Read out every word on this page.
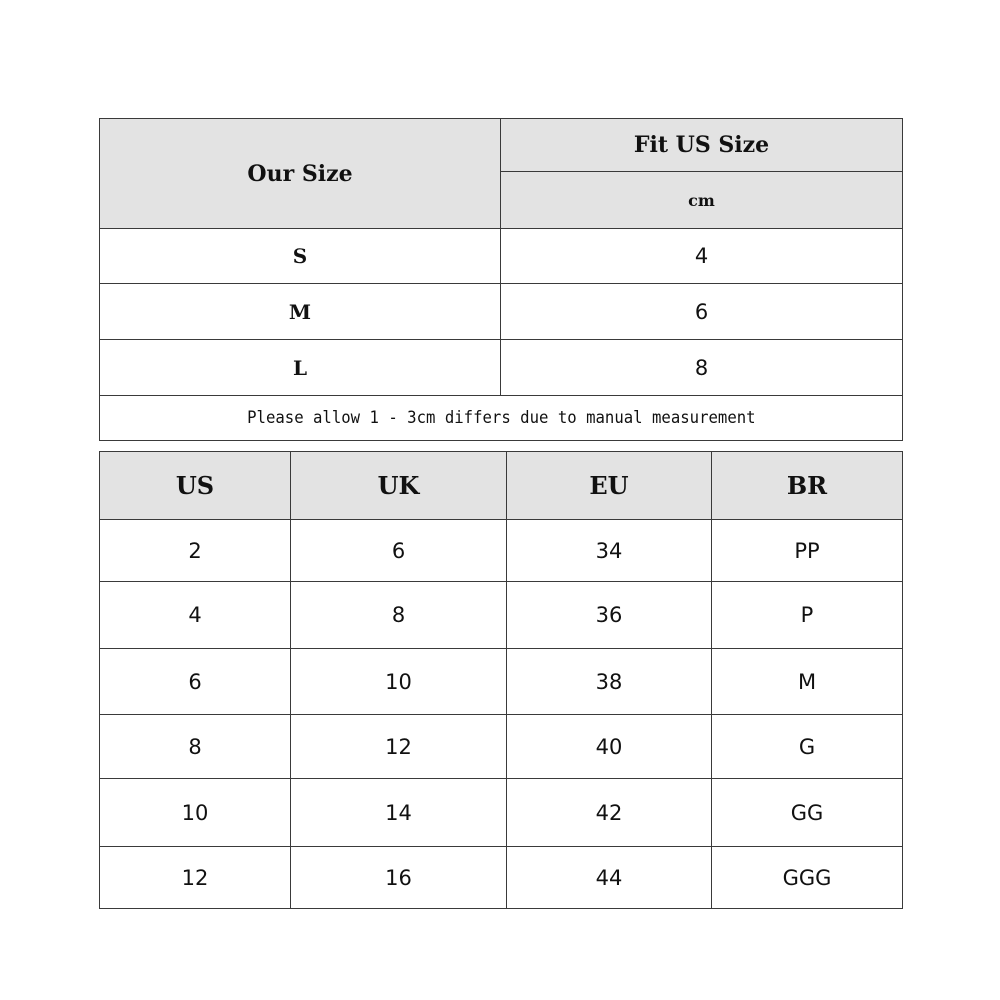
Our Size	Fit US Size
	cm
S	4
M	6
L	8
Please allow 1 - 3cm differs due to manual measurement	
US	UK	EU	BR
2	6	34	PP
4	8	36	P
6	10	38	M
8	12	40	G
10	14	42	GG
12	16	44	GGG
